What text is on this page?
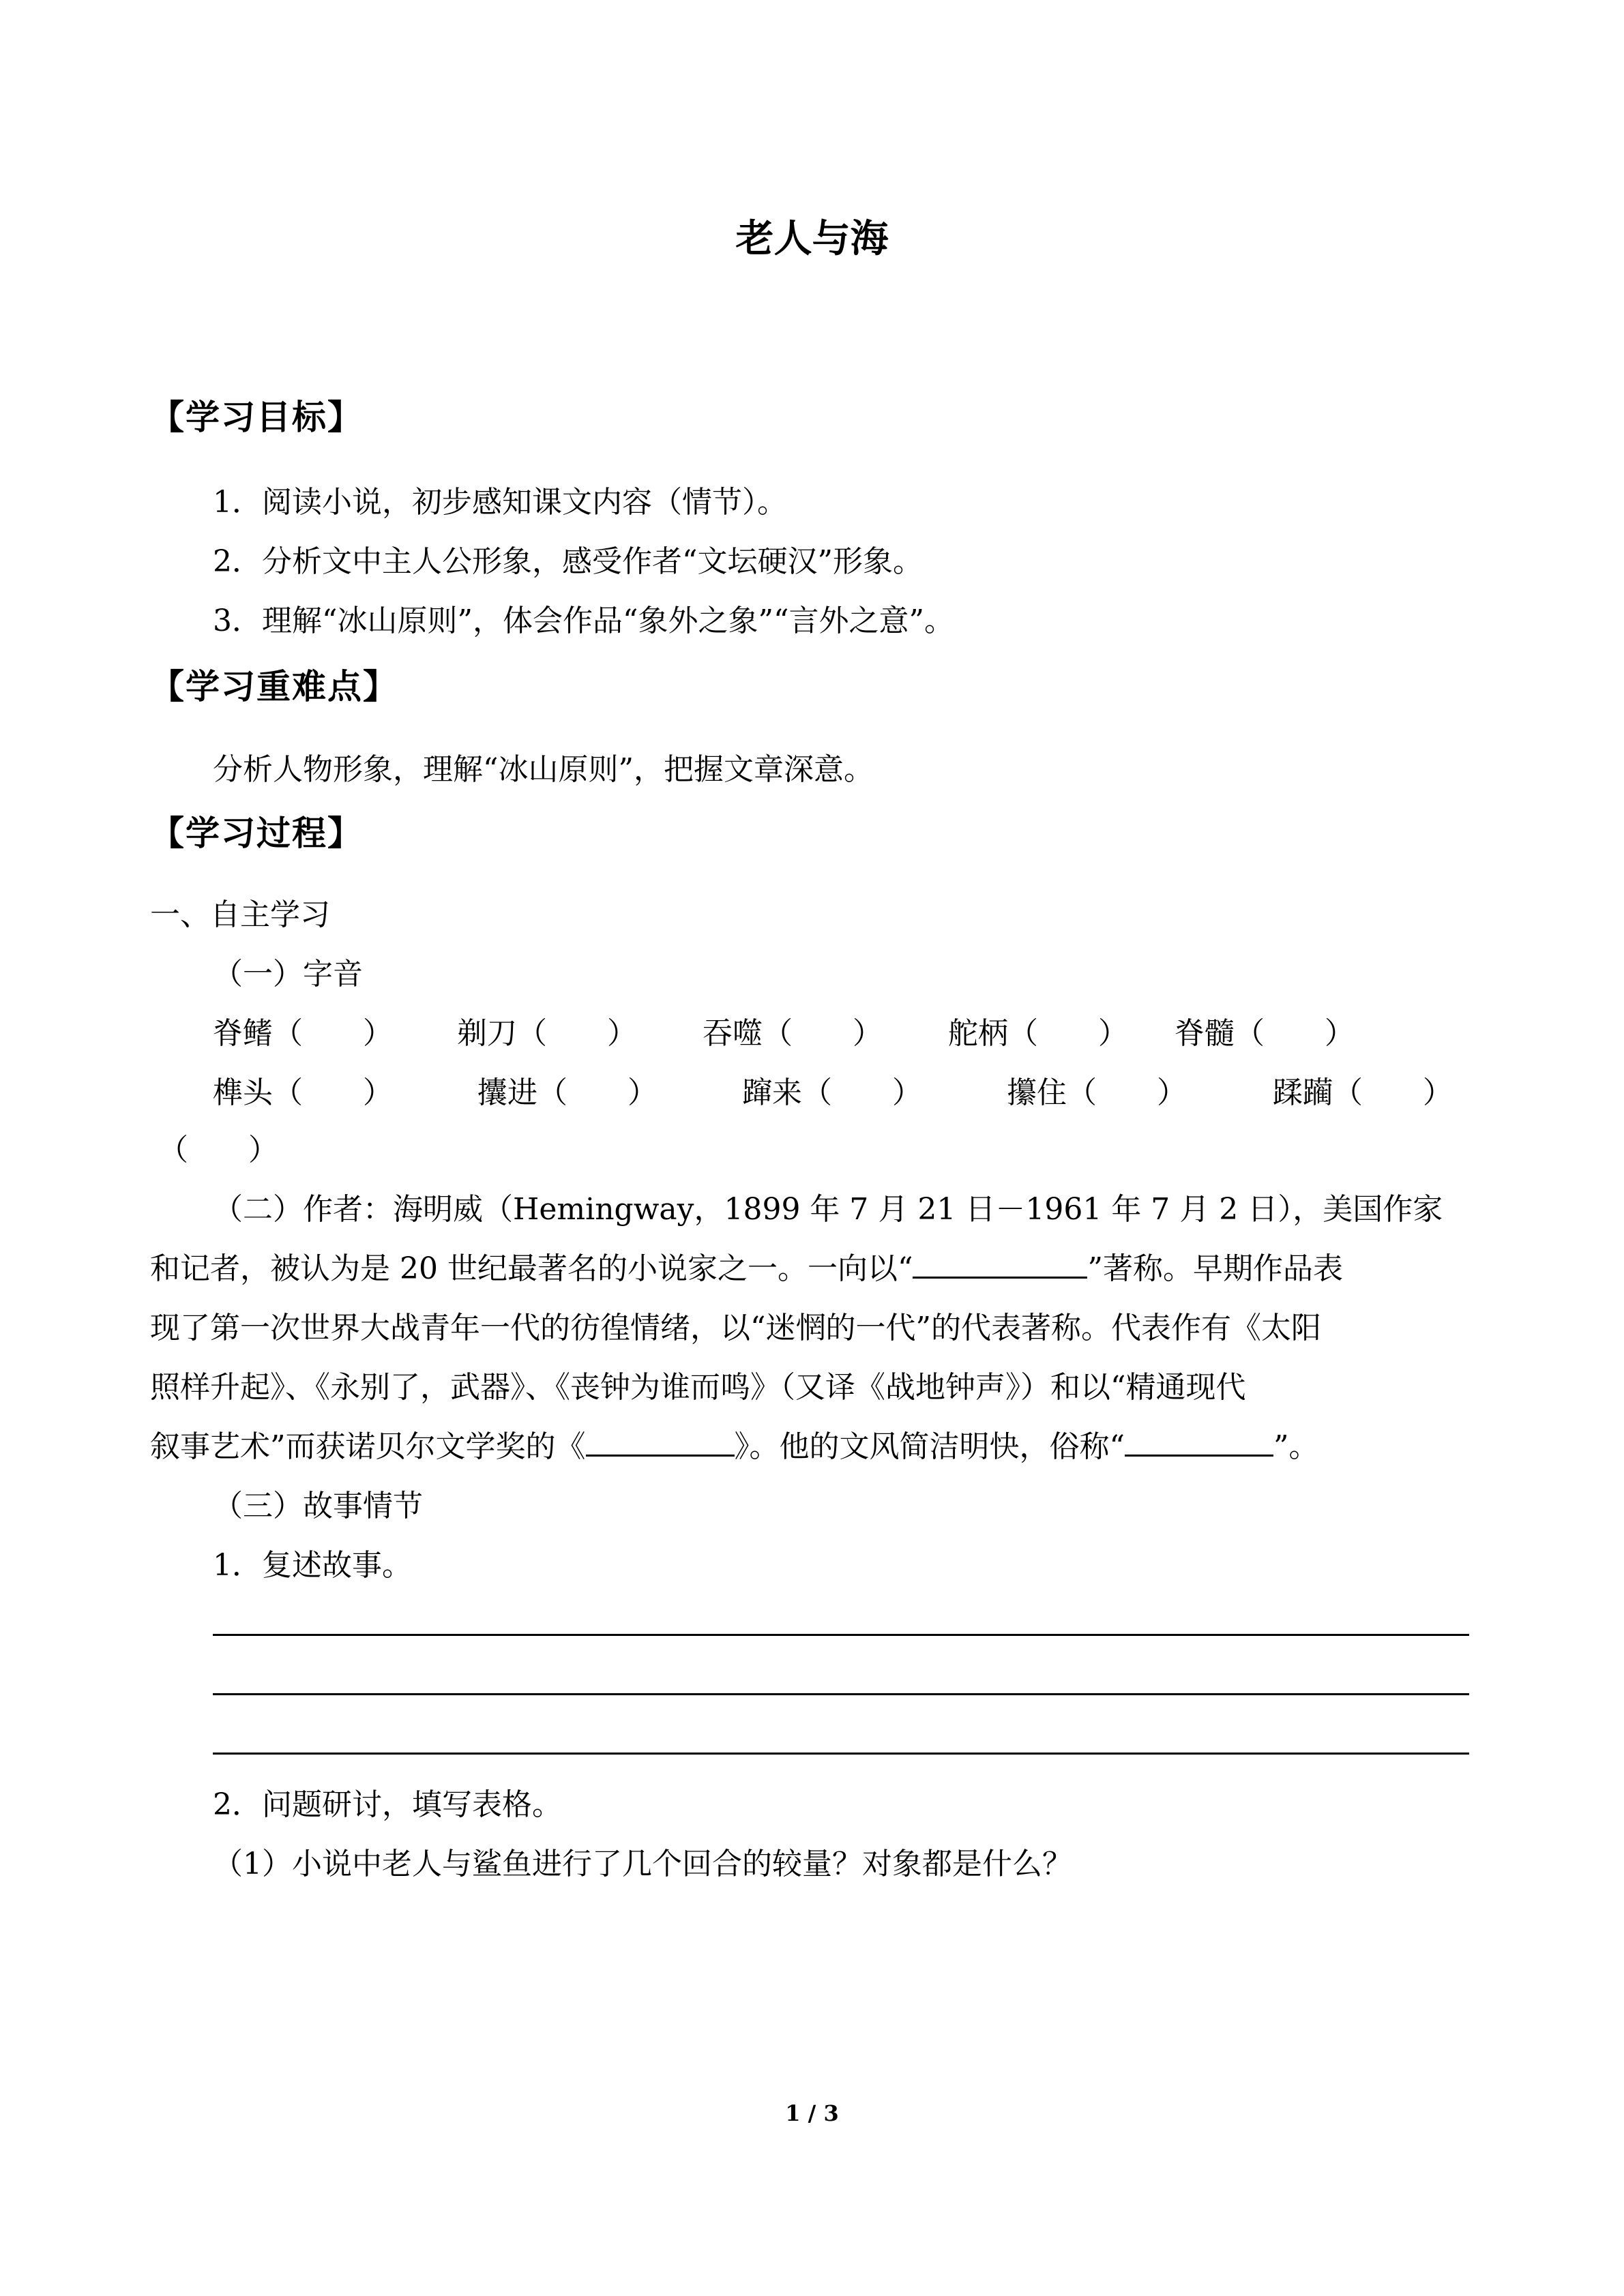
老人与海
【学习目标】
1．阅读小说，初步感知课文内容（情节）。
2．分析文中主人公形象，感受作者“文坛硬汉”形象。
3．理解“冰山原则”，体会作品“象外之象”“言外之意”。
【学习重难点】
分析人物形象，理解“冰山原则”，把握文章深意。
【学习过程】
一、自主学习
（一）字音
脊鳍（　　） 剃刀（　　） 吞噬（　　） 舵柄（　　） 脊髓（　　）
榫头（　　）	攮进（　　）	蹿来（　　）	攥住（　　）	蹂躏（　　）
（　　）
（二）作者：海明威（Hemingway，1899 年 7 月 21 日－1961 年 7 月 2 日），美国作家
和记者，被认为是 20 世纪最著名的小说家之一。一向以“	”著称。早期作品表
现了第一次世界大战青年一代的彷徨情绪，以“迷惘的一代”的代表著称。代表作有《太阳
照样升起》、《永别了，武器》、《丧钟为谁而鸣》（又译《战地钟声》）和以“精通现代
叙事艺术”而获诺贝尔文学奖的《	》。他的文风简洁明快，俗称“	”。
（三）故事情节
1．复述故事。
2．问题研讨，填写表格。
（1）小说中老人与鲨鱼进行了几个回合的较量？对象都是什么？
1 / 3
